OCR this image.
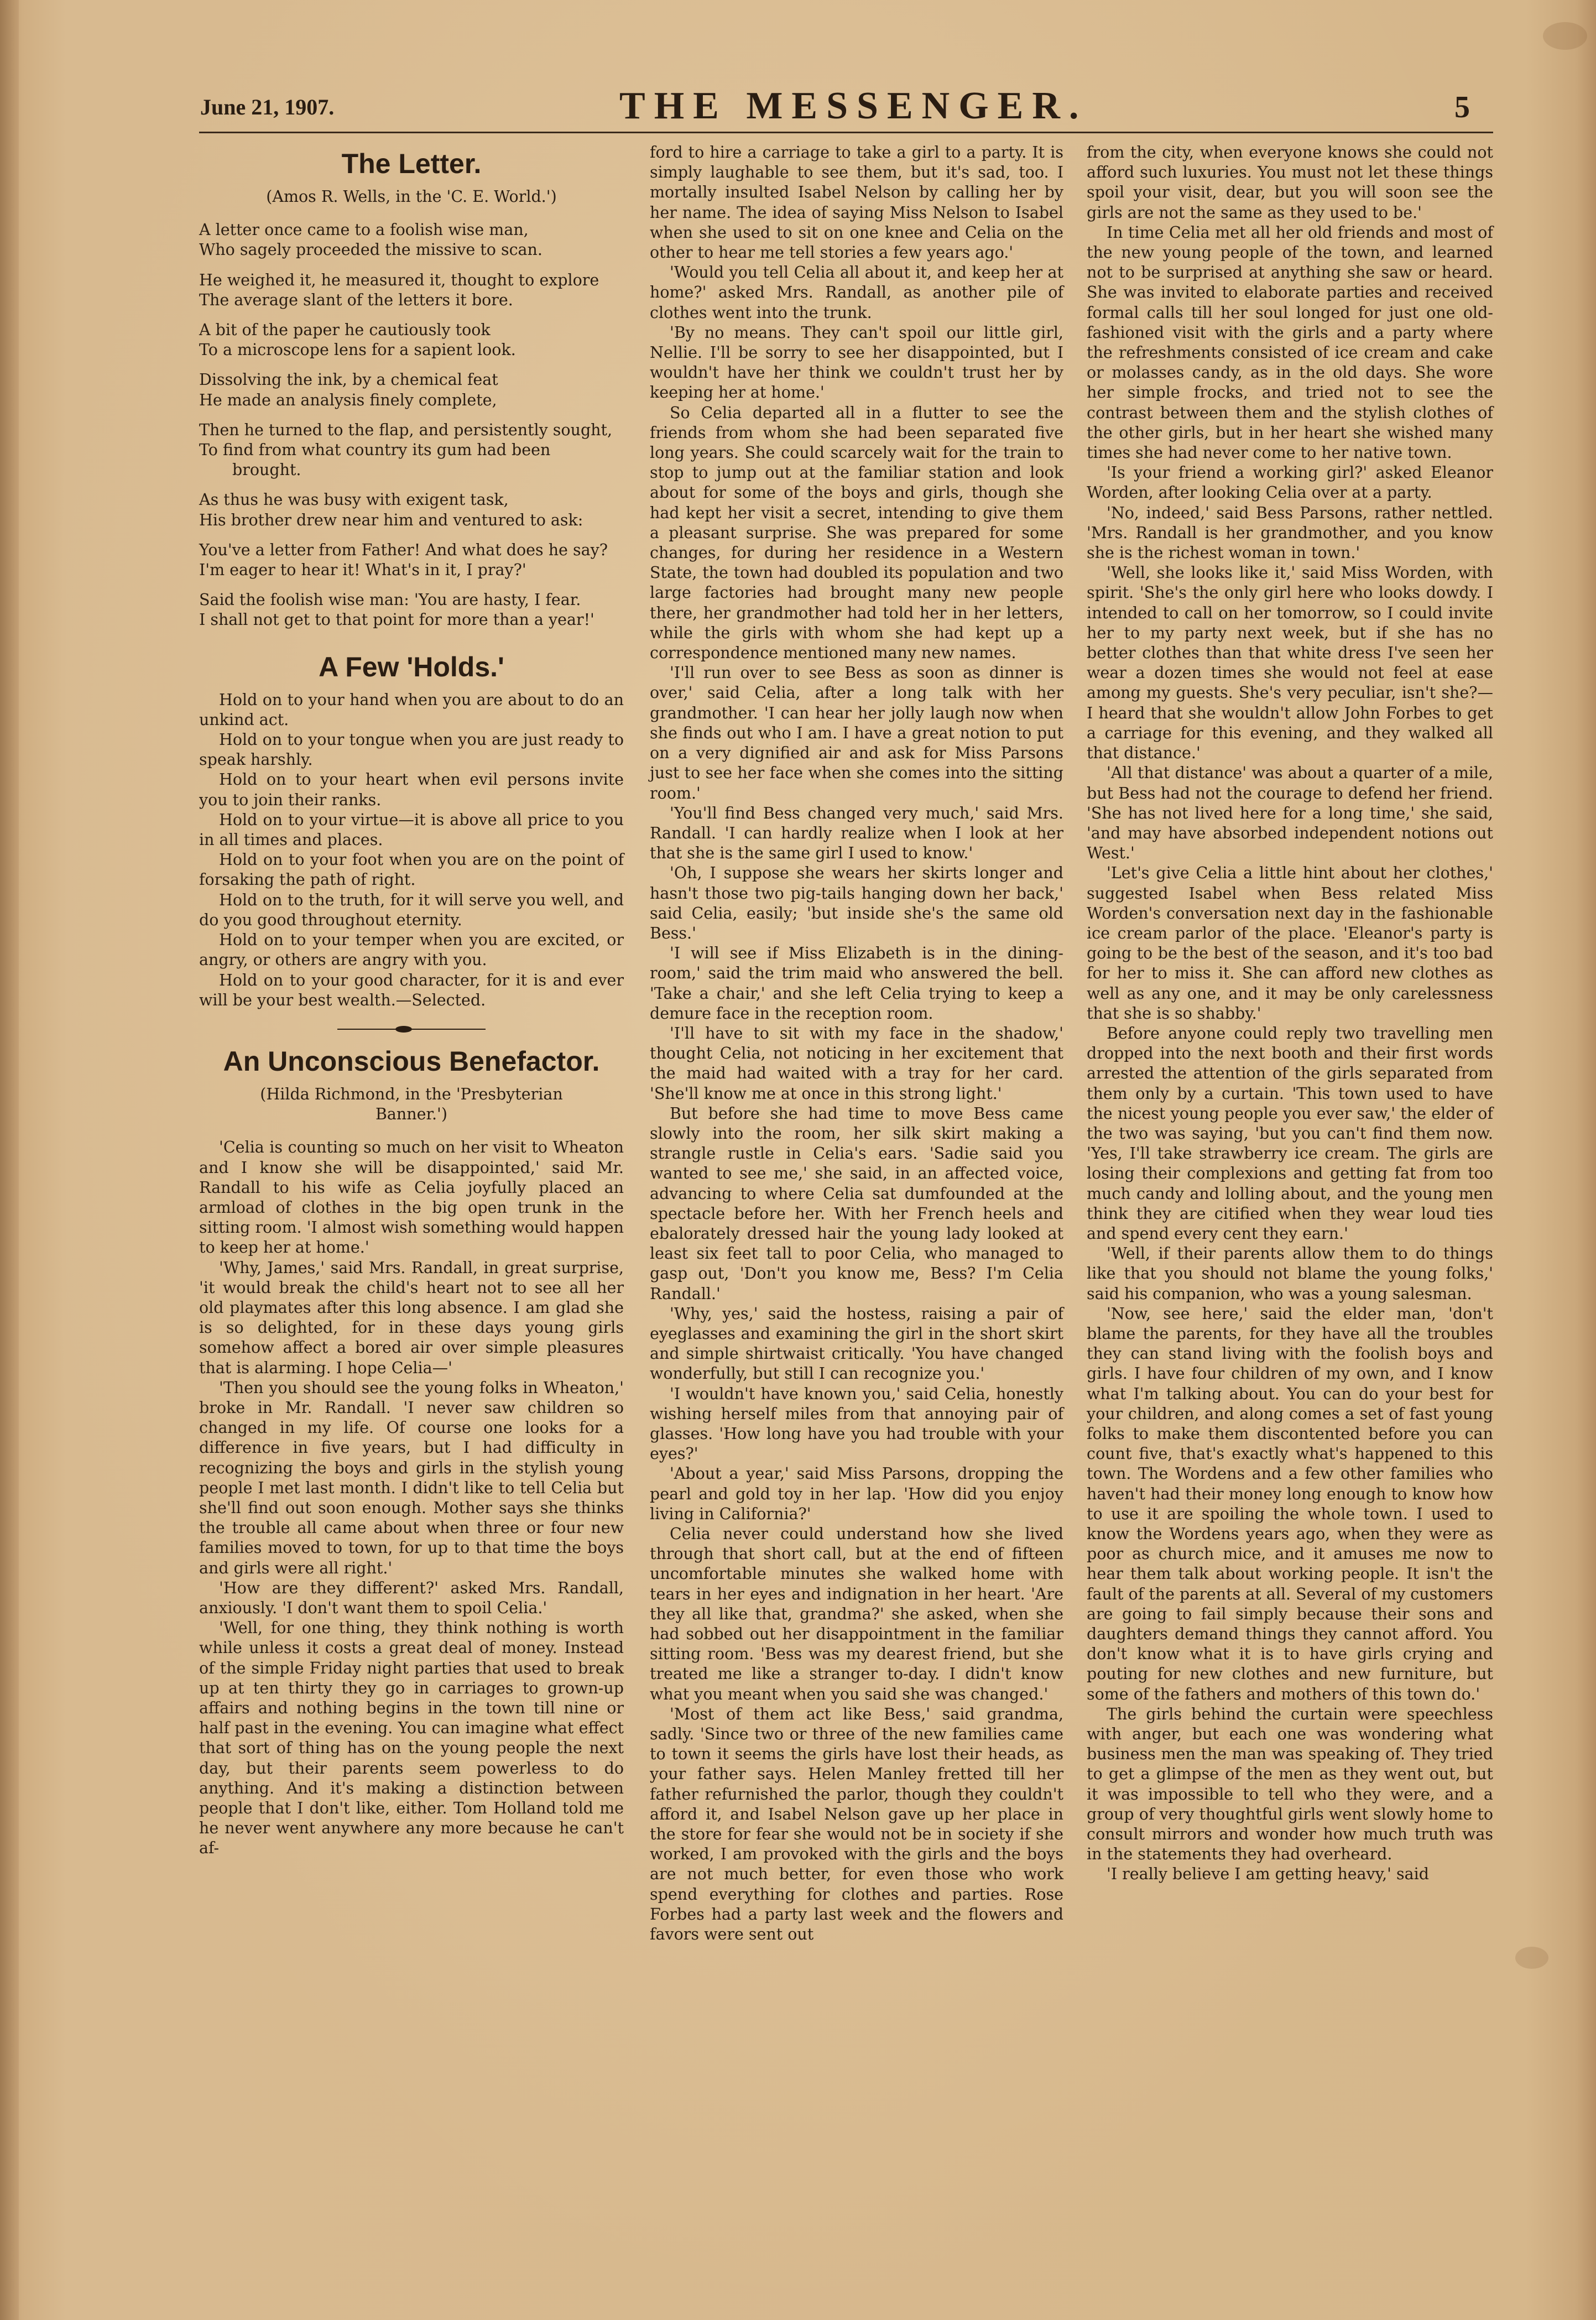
June 21, 1907.	THE MESSENGER.	5
The Letter.
(Amos R. Wells, in the 'C. E. World.')
A letter once came to a foolish wise man,
Who sagely proceeded the missive to scan.
He weighed it, he measured it, thought to explore
The average slant of the letters it bore.
A bit of the paper he cautiously took
To a microscope lens for a sapient look.
Dissolving the ink, by a chemical feat
He made an analysis finely complete,
Then he turned to the flap, and persistently sought,
To find from what country its gum had been brought.
As thus he was busy with exigent task,
His brother drew near him and ventured to ask:
You've a letter from Father! And what does he say?
I'm eager to hear it! What's in it, I pray?'
Said the foolish wise man: 'You are hasty, I fear.
I shall not get to that point for more than a year!'
A Few 'Holds.'

Hold on to your hand when you are about to do an unkind act.

Hold on to your tongue when you are just ready to speak harshly.

Hold on to your heart when evil persons invite you to join their ranks.

Hold on to your virtue—it is above all price to you in all times and places.

Hold on to your foot when you are on the point of forsaking the path of right.

Hold on to the truth, for it will serve you well, and do you good throughout eternity.

Hold on to your temper when you are excited, or angry, or others are angry with you.

Hold on to your good character, for it is and ever will be your best wealth.—Selected.

An Unconscious Benefactor.
(Hilda Richmond, in the 'Presbyterian Banner.')

'Celia is counting so much on her visit to Wheaton and I know she will be disappointed,' said Mr. Randall to his wife as Celia joyfully placed an armload of clothes in the big open trunk in the sitting room. 'I almost wish something would happen to keep her at home.'

'Why, James,' said Mrs. Randall, in great surprise, 'it would break the child's heart not to see all her old playmates after this long absence. I am glad she is so delighted, for in these days young girls somehow affect a bored air over simple pleasures that is alarming. I hope Celia—'

'Then you should see the young folks in Wheaton,' broke in Mr. Randall. 'I never saw children so changed in my life. Of course one looks for a difference in five years, but I had difficulty in recognizing the boys and girls in the stylish young people I met last month. I didn't like to tell Celia but she'll find out soon enough. Mother says she thinks the trouble all came about when three or four new families moved to town, for up to that time the boys and girls were all right.'

'How are they different?' asked Mrs. Randall, anxiously. 'I don't want them to spoil Celia.'

'Well, for one thing, they think nothing is worth while unless it costs a great deal of money. Instead of the simple Friday night parties that used to break up at ten thirty they go in carriages to grown-up affairs and nothing begins in the town till nine or half past in the evening. You can imagine what effect that sort of thing has on the young people the next day, but their parents seem powerless to do anything. And it's making a distinction between people that I don't like, either. Tom Holland told me he never went anywhere any more because he can't af-

ford to hire a carriage to take a girl to a party. It is simply laughable to see them, but it's sad, too. I mortally insulted Isabel Nelson by calling her by her name. The idea of saying Miss Nelson to Isabel when she used to sit on one knee and Celia on the other to hear me tell stories a few years ago.'

'Would you tell Celia all about it, and keep her at home?' asked Mrs. Randall, as another pile of clothes went into the trunk.

'By no means. They can't spoil our little girl, Nellie. I'll be sorry to see her disappointed, but I wouldn't have her think we couldn't trust her by keeping her at home.'

So Celia departed all in a flutter to see the friends from whom she had been separated five long years. She could scarcely wait for the train to stop to jump out at the familiar station and look about for some of the boys and girls, though she had kept her visit a secret, intending to give them a pleasant surprise. She was prepared for some changes, for during her residence in a Western State, the town had doubled its population and two large factories had brought many new people there, her grandmother had told her in her letters, while the girls with whom she had kept up a correspondence mentioned many new names.

'I'll run over to see Bess as soon as dinner is over,' said Celia, after a long talk with her grandmother. 'I can hear her jolly laugh now when she finds out who I am. I have a great notion to put on a very dignified air and ask for Miss Parsons just to see her face when she comes into the sitting room.'

'You'll find Bess changed very much,' said Mrs. Randall. 'I can hardly realize when I look at her that she is the same girl I used to know.'

'Oh, I suppose she wears her skirts longer and hasn't those two pig-tails hanging down her back,' said Celia, easily; 'but inside she's the same old Bess.'

'I will see if Miss Elizabeth is in the dining-room,' said the trim maid who answered the bell. 'Take a chair,' and she left Celia trying to keep a demure face in the reception room.

'I'll have to sit with my face in the shadow,' thought Celia, not noticing in her excitement that the maid had waited with a tray for her card. 'She'll know me at once in this strong light.'

But before she had time to move Bess came slowly into the room, her silk skirt making a strangle rustle in Celia's ears. 'Sadie said you wanted to see me,' she said, in an affected voice, advancing to where Celia sat dumfounded at the spectacle before her. With her French heels and ebalorately dressed hair the young lady looked at least six feet tall to poor Celia, who managed to gasp out, 'Don't you know me, Bess? I'm Celia Randall.'

'Why, yes,' said the hostess, raising a pair of eyeglasses and examining the girl in the short skirt and simple shirtwaist critically. 'You have changed wonderfully, but still I can recognize you.'

'I wouldn't have known you,' said Celia, honestly wishing herself miles from that annoying pair of glasses. 'How long have you had trouble with your eyes?'

'About a year,' said Miss Parsons, dropping the pearl and gold toy in her lap. 'How did you enjoy living in California?'

Celia never could understand how she lived through that short call, but at the end of fifteen uncomfortable minutes she walked home with tears in her eyes and indignation in her heart. 'Are they all like that, grandma?' she asked, when she had sobbed out her disappointment in the familiar sitting room. 'Bess was my dearest friend, but she treated me like a stranger to-day. I didn't know what you meant when you said she was changed.'

'Most of them act like Bess,' said grandma, sadly. 'Since two or three of the new families came to town it seems the girls have lost their heads, as your father says. Helen Manley fretted till her father refurnished the parlor, though they couldn't afford it, and Isabel Nelson gave up her place in the store for fear she would not be in society if she worked, I am provoked with the girls and the boys are not much better, for even those who work spend everything for clothes and parties. Rose Forbes had a party last week and the flowers and favors were sent out

from the city, when everyone knows she could not afford such luxuries. You must not let these things spoil your visit, dear, but you will soon see the girls are not the same as they used to be.'

In time Celia met all her old friends and most of the new young people of the town, and learned not to be surprised at anything she saw or heard. She was invited to elaborate parties and received formal calls till her soul longed for just one old-fashioned visit with the girls and a party where the refreshments consisted of ice cream and cake or molasses candy, as in the old days. She wore her simple frocks, and tried not to see the contrast between them and the stylish clothes of the other girls, but in her heart she wished many times she had never come to her native town.

'Is your friend a working girl?' asked Eleanor Worden, after looking Celia over at a party.

'No, indeed,' said Bess Parsons, rather nettled. 'Mrs. Randall is her grandmother, and you know she is the richest woman in town.'

'Well, she looks like it,' said Miss Worden, with spirit. 'She's the only girl here who looks dowdy. I intended to call on her tomorrow, so I could invite her to my party next week, but if she has no better clothes than that white dress I've seen her wear a dozen times she would not feel at ease among my guests. She's very peculiar, isn't she?—I heard that she wouldn't allow John Forbes to get a carriage for this evening, and they walked all that distance.'

'All that distance' was about a quarter of a mile, but Bess had not the courage to defend her friend. 'She has not lived here for a long time,' she said, 'and may have absorbed independent notions out West.'

'Let's give Celia a little hint about her clothes,' suggested Isabel when Bess related Miss Worden's conversation next day in the fashionable ice cream parlor of the place. 'Eleanor's party is going to be the best of the season, and it's too bad for her to miss it. She can afford new clothes as well as any one, and it may be only carelessness that she is so shabby.'

Before anyone could reply two travelling men dropped into the next booth and their first words arrested the attention of the girls separated from them only by a curtain. 'This town used to have the nicest young people you ever saw,' the elder of the two was saying, 'but you can't find them now. 'Yes, I'll take strawberry ice cream. The girls are losing their complexions and getting fat from too much candy and lolling about, and the young men think they are citified when they wear loud ties and spend every cent they earn.'

'Well, if their parents allow them to do things like that you should not blame the young folks,' said his companion, who was a young salesman.

'Now, see here,' said the elder man, 'don't blame the parents, for they have all the troubles they can stand living with the foolish boys and girls. I have four children of my own, and I know what I'm talking about. You can do your best for your children, and along comes a set of fast young folks to make them discontented before you can count five, that's exactly what's happened to this town. The Wordens and a few other families who haven't had their money long enough to know how to use it are spoiling the whole town. I used to know the Wordens years ago, when they were as poor as church mice, and it amuses me now to hear them talk about working people. It isn't the fault of the parents at all. Several of my customers are going to fail simply because their sons and daughters demand things they cannot afford. You don't know what it is to have girls crying and pouting for new clothes and new furniture, but some of the fathers and mothers of this town do.'

The girls behind the curtain were speechless with anger, but each one was wondering what business men the man was speaking of. They tried to get a glimpse of the men as they went out, but it was impossible to tell who they were, and a group of very thoughtful girls went slowly home to consult mirrors and wonder how much truth was in the statements they had overheard.

'I really believe I am getting heavy,' said
